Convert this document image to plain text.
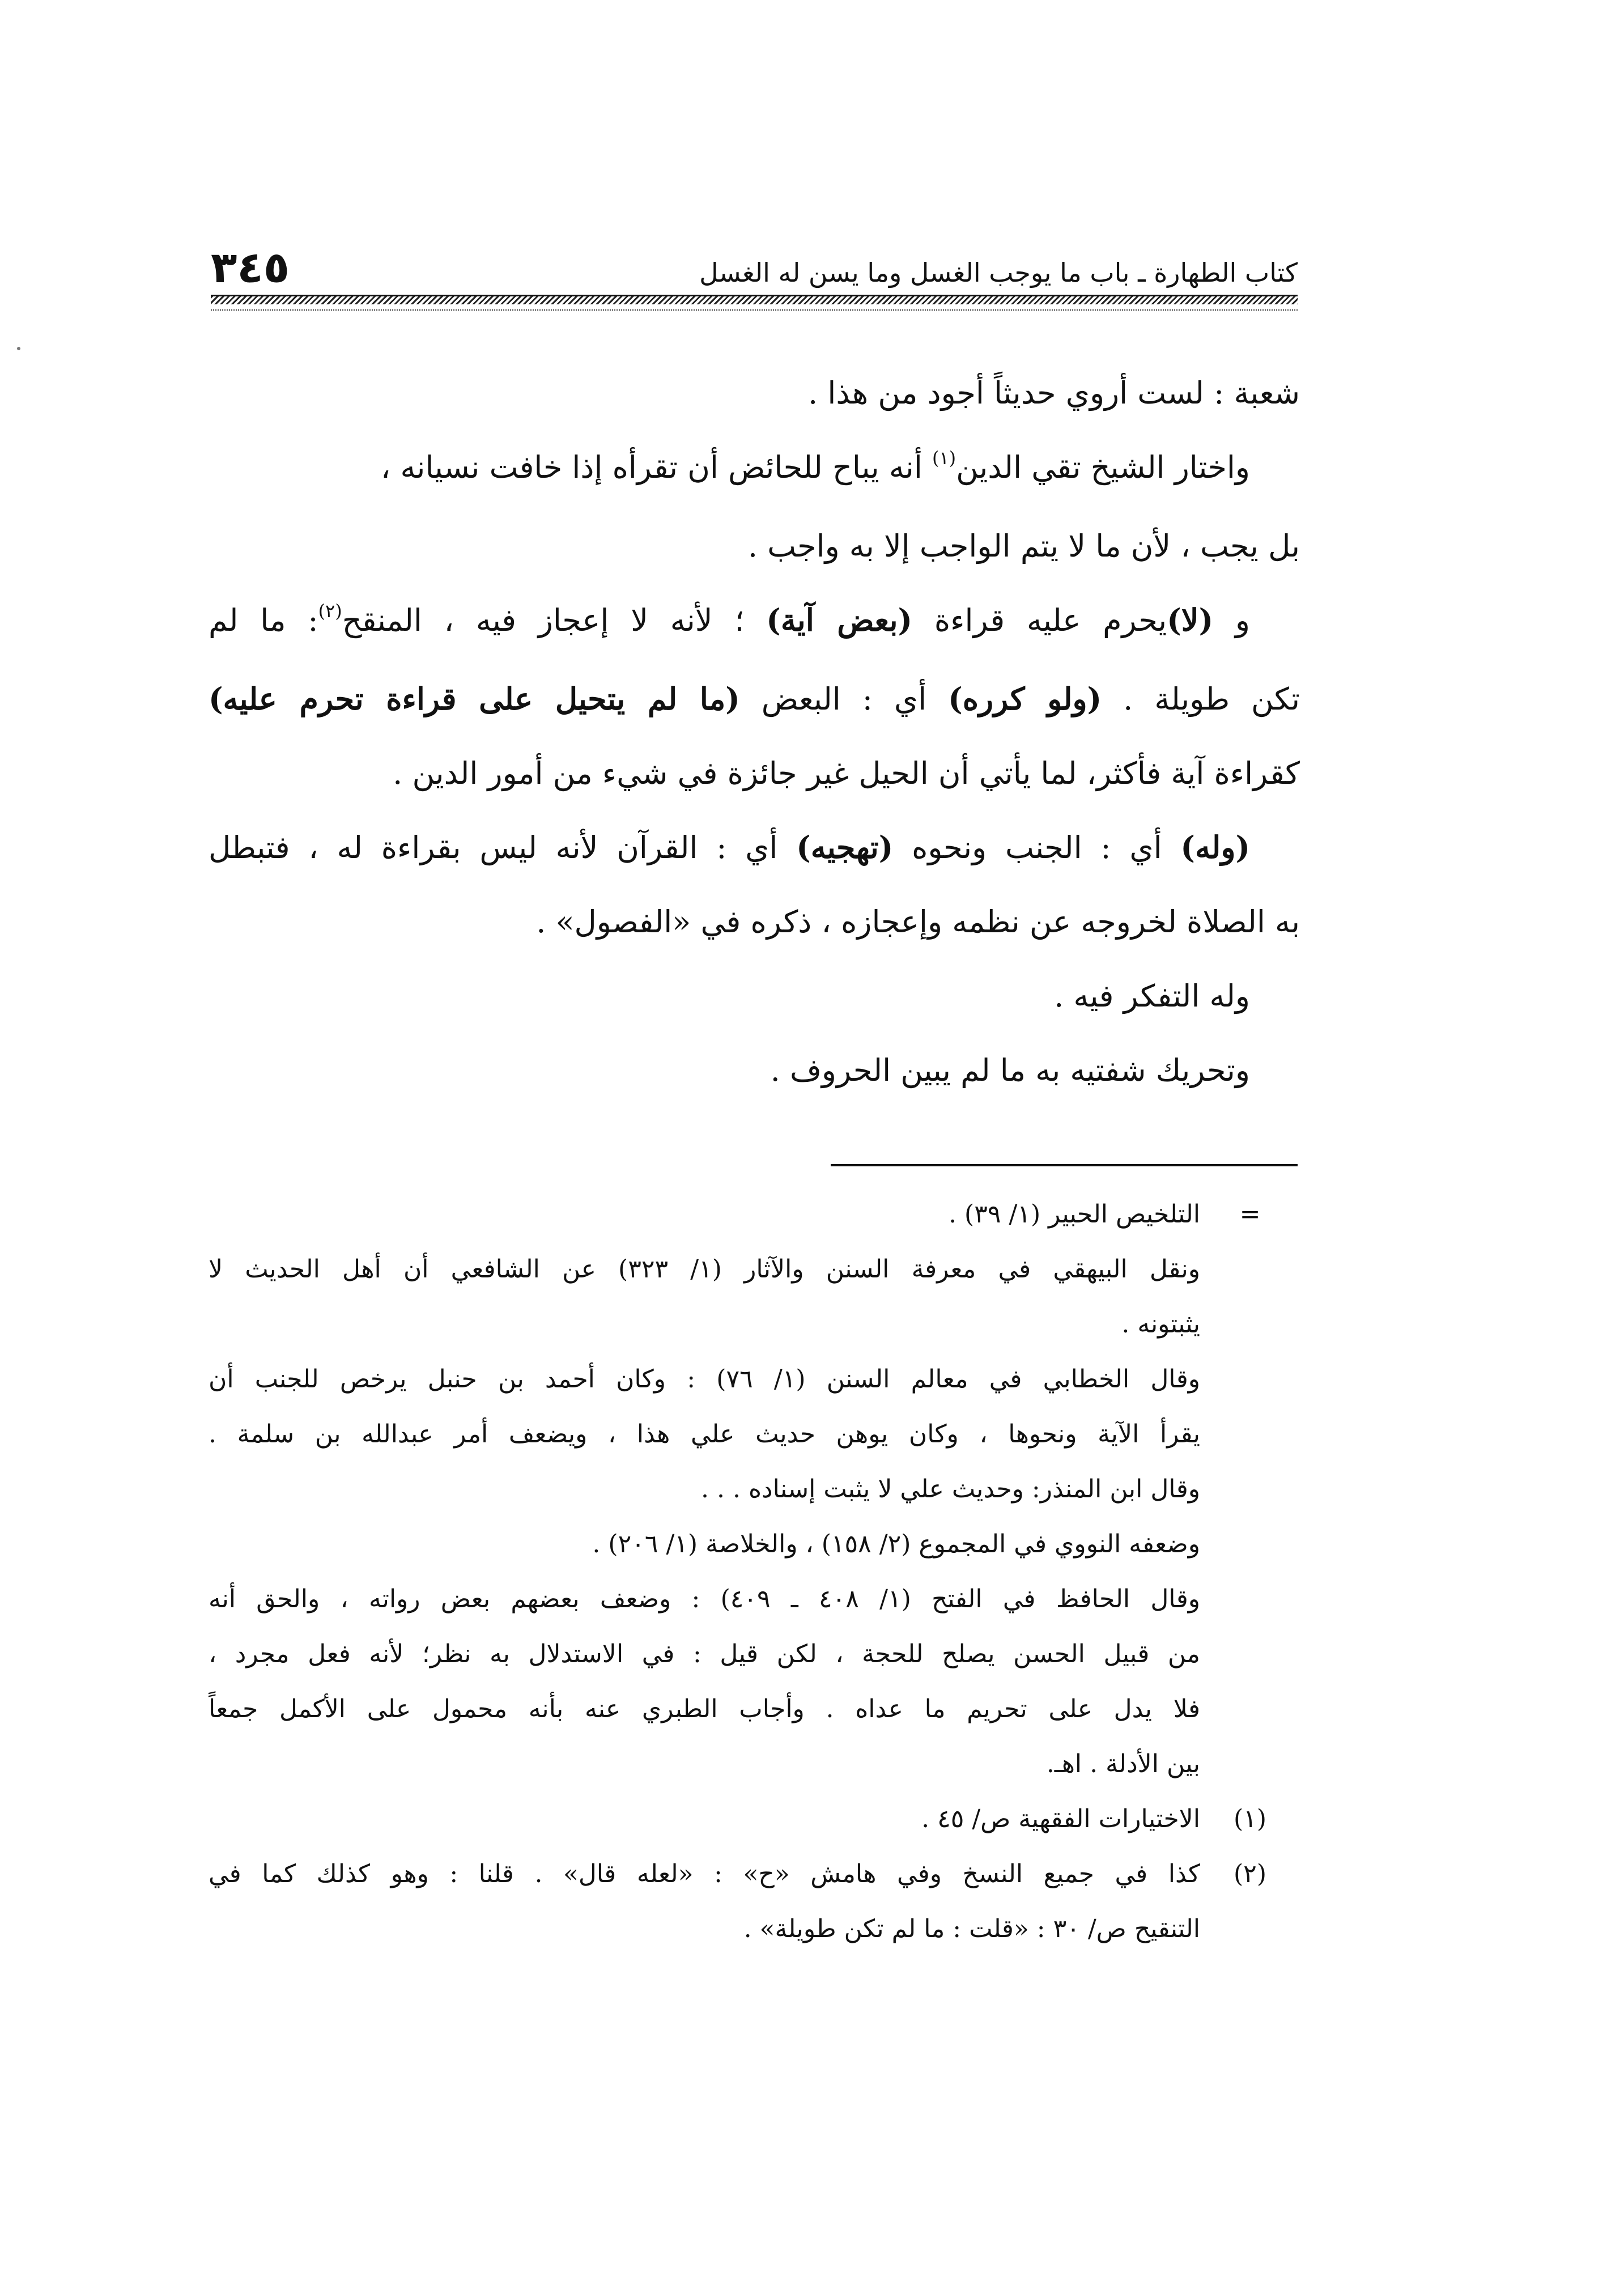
٣٤٥	كتاب الطهارة ـ باب ما يوجب الغسل وما يسن له الغسل

شعبة : لست أروي حديثاً أجود من هذا .

واختار الشيخ تقي الدين$^{(١)}$ أنه يباح للحائض أن تقرأه إذا خافت نسيانه ،

بل يجب ، لأن ما لا يتم الواجب إلا به واجب .

و (لا)يحرم عليه قراءة (بعض آية) ؛ لأنه لا إعجاز فيه ، المنقح$^{(٢)}$: ما لم

تكن طويلة . (ولو كرره) أي : البعض (ما لم يتحيل على قراءة تحرم عليه)

كقراءة آية فأكثر، لما يأتي أن الحيل غير جائزة في شيء من أمور الدين .

(وله) أي : الجنب ونحوه (تهجيه) أي : القرآن لأنه ليس بقراءة له ، فتبطل

به الصلاة لخروجه عن نظمه وإعجازه ، ذكره في «الفصول» .

وله التفكر فيه .

وتحريك شفتيه به ما لم يبين الحروف .

=

التلخيص الحبير (١/ ٣٩) .

ونقل البيهقي في معرفة السنن والآثار (١/ ٣٢٣) عن الشافعي أن أهل الحديث لا

يثبتونه .

وقال الخطابي في معالم السنن (١/ ٧٦) : وكان أحمد بن حنبل يرخص للجنب أن

يقرأ الآية ونحوها ، وكان يوهن حديث علي هذا ، ويضعف أمر عبدالله بن سلمة .

وقال ابن المنذر: وحديث علي لا يثبت إسناده . . .

وضعفه النووي في المجموع (٢/ ١٥٨) ، والخلاصة (١/ ٢٠٦) .

وقال الحافظ في الفتح (١/ ٤٠٨ ـ ٤٠٩) : وضعف بعضهم بعض رواته ، والحق أنه

من قبيل الحسن يصلح للحجة ، لكن قيل : في الاستدلال به نظر؛ لأنه فعل مجرد ،

فلا يدل على تحريم ما عداه . وأجاب الطبري عنه بأنه محمول على الأكمل جمعاً

بين الأدلة . اهـ.

(١)

الاختيارات الفقهية ص/ ٤٥ .

(٢)

كذا في جميع النسخ وفي هامش «ح» : «لعله قال» . قلنا : وهو كذلك كما في

التنقيح ص/ ٣٠ : «قلت : ما لم تكن طويلة» .
